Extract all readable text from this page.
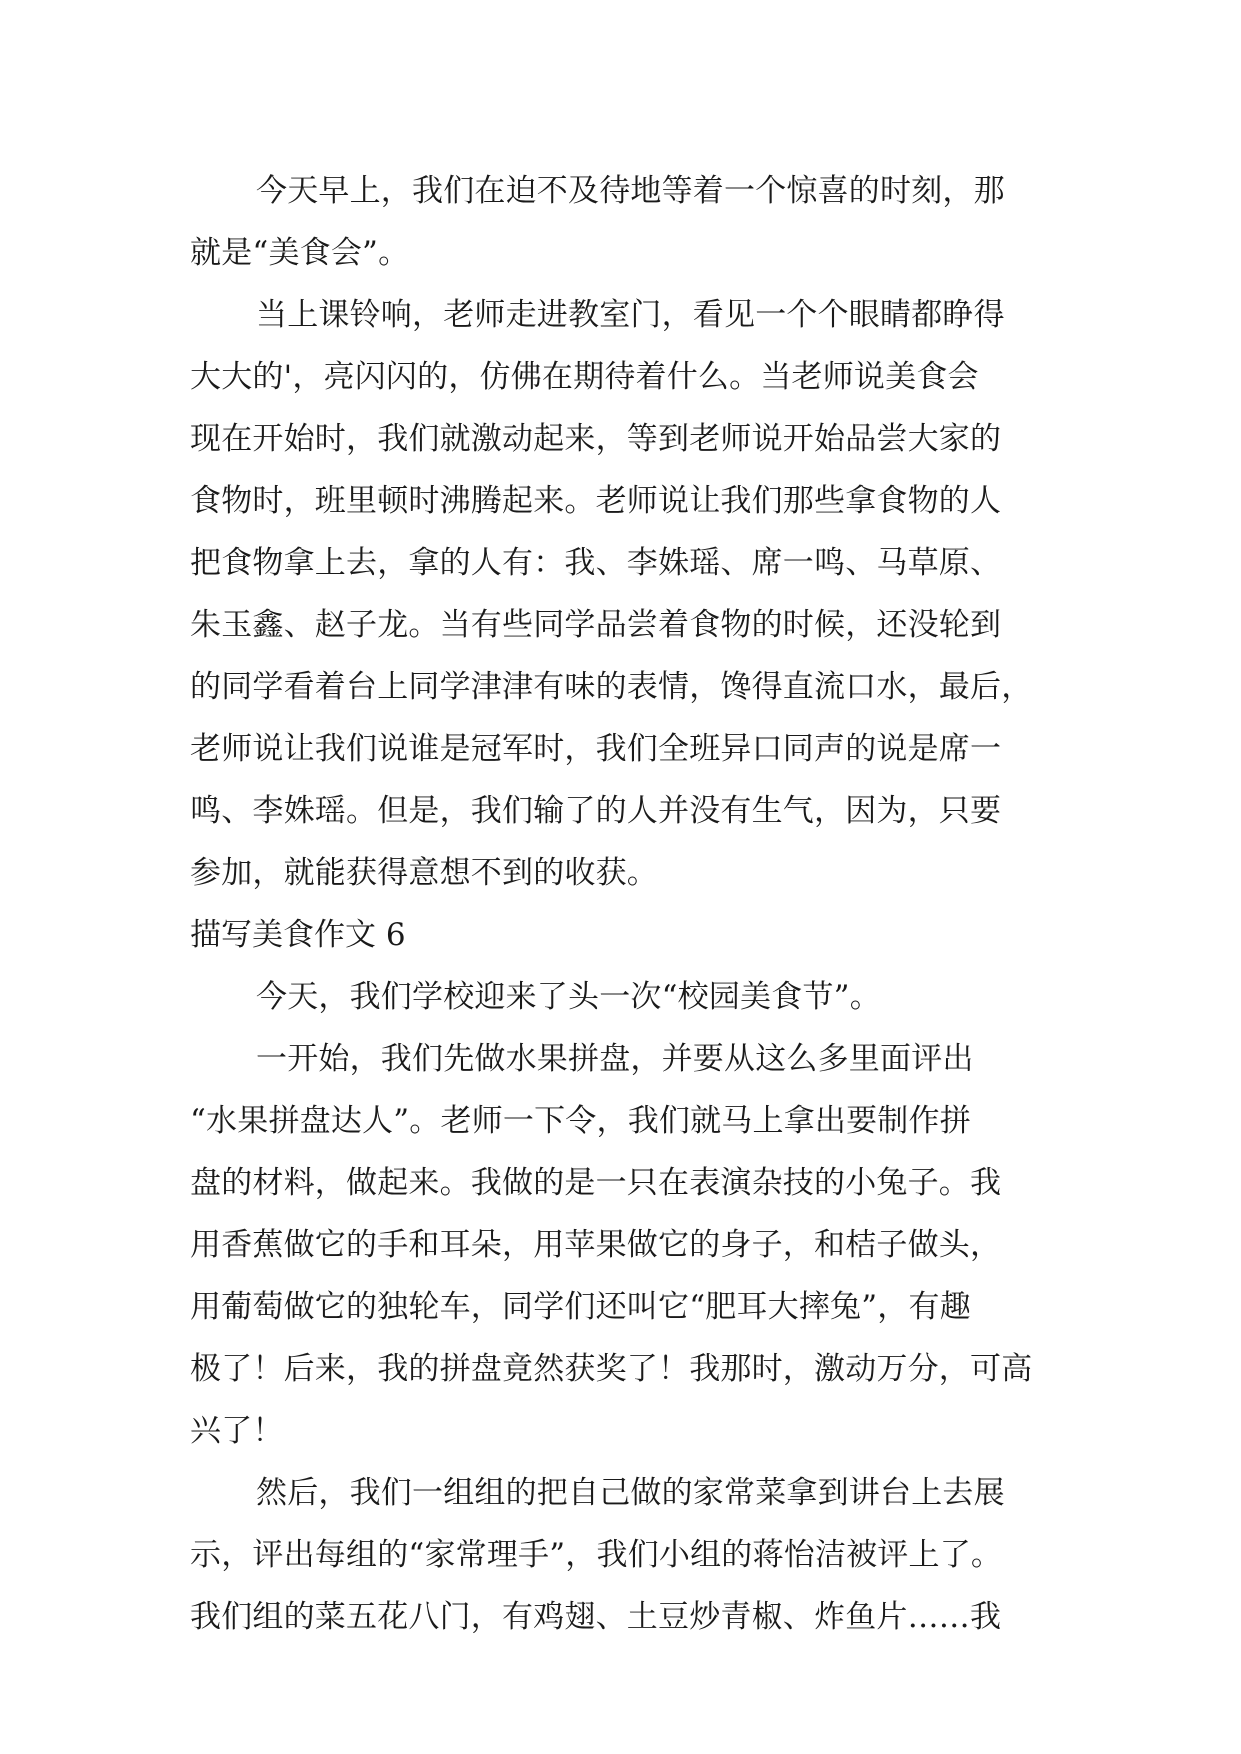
今天早上，我们在迫不及待地等着一个惊喜的时刻，那
就是“美食会”。
当上课铃响，老师走进教室门，看见一个个眼睛都睁得
大大的'，亮闪闪的，仿佛在期待着什么。当老师说美食会
现在开始时，我们就激动起来，等到老师说开始品尝大家的
食物时，班里顿时沸腾起来。老师说让我们那些拿食物的人
把食物拿上去，拿的人有：我、李姝瑶、席一鸣、马草原、
朱玉鑫、赵子龙。当有些同学品尝着食物的时候，还没轮到
的同学看着台上同学津津有味的表情，馋得直流口水，最后，
老师说让我们说谁是冠军时，我们全班异口同声的说是席一
鸣、李姝瑶。但是，我们输了的人并没有生气，因为，只要
参加，就能获得意想不到的收获。
描写美食作文 6
今天，我们学校迎来了头一次“校园美食节”。
一开始，我们先做水果拼盘，并要从这么多里面评出
“水果拼盘达人”。老师一下令，我们就马上拿出要制作拼
盘的材料，做起来。我做的是一只在表演杂技的小兔子。我
用香蕉做它的手和耳朵，用苹果做它的身子，和桔子做头，
用葡萄做它的独轮车，同学们还叫它“肥耳大摔兔”，有趣
极了！后来，我的拼盘竟然获奖了！我那时，激动万分，可高
兴了！
然后，我们一组组的把自己做的家常菜拿到讲台上去展
示，评出每组的“家常理手”，我们小组的蒋怡洁被评上了。
我们组的菜五花八门，有鸡翅、土豆炒青椒、炸鱼片……我
